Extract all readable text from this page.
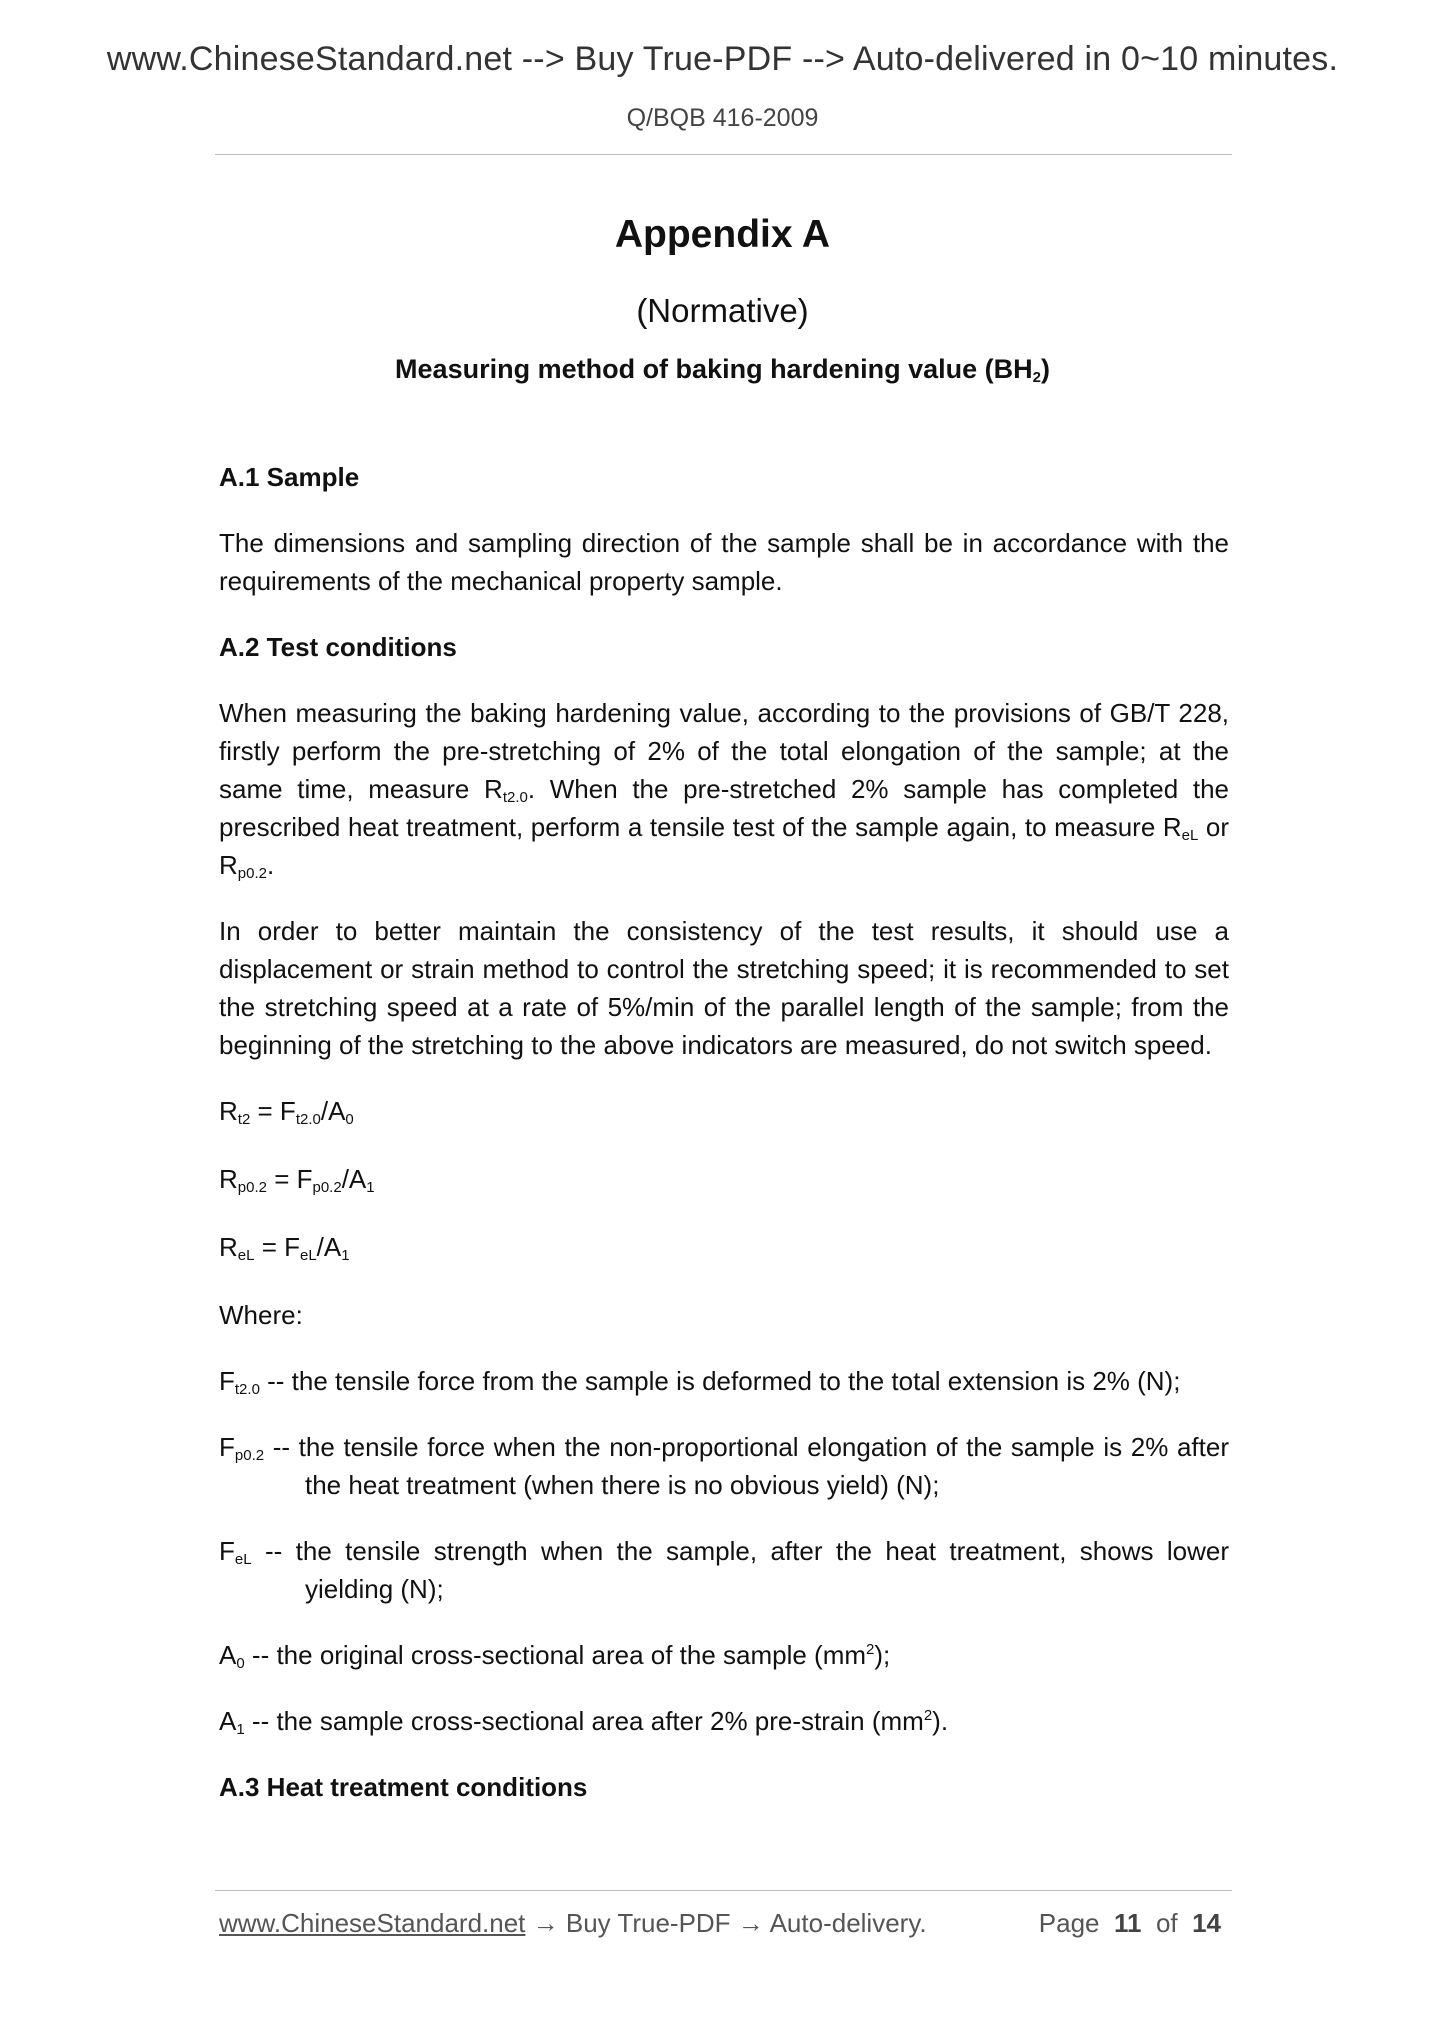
www.ChineseStandard.net --> Buy True-PDF --> Auto-delivered in 0~10 minutes.
Q/BQB 416-2009
Appendix A
(Normative)
Measuring method of baking hardening value $(BH_2)$
A.1 Sample

The dimensions and sampling direction of the sample shall be in accordance with the requirements of the mechanical property sample.

A.2 Test conditions

When measuring the baking hardening value, according to the provisions of GB/T 228, firstly perform the pre-stretching of 2% of the total elongation of the sample; at the same time, measure $R_{t2.0}$. When the pre-stretched 2% sample has completed the prescribed heat treatment, perform a tensile test of the sample again, to measure $R_{eL}$ or $R_{p0.2}$.

In order to better maintain the consistency of the test results, it should use a displacement or strain method to control the stretching speed; it is recommended to set the stretching speed at a rate of 5%/min of the parallel length of the sample; from the beginning of the stretching to the above indicators are measured, do not switch speed.

$R_{t2} = F_{t2.0}/A_0$
$R_{p0.2} = F_{p0.2}/A_1$
$R_{eL} = F_{eL}/A_1$

Where:

$F_{t2.0}$ -- the tensile force from the sample is deformed to the total extension is 2% (N);

$F_{p0.2}$ -- the tensile force when the non-proportional elongation of the sample is 2% after the heat treatment (when there is no obvious yield) (N);

$F_{eL}$ -- the tensile strength when the sample, after the heat treatment, shows lower yielding (N);

$A_0$ -- the original cross-sectional area of the sample $(mm^2)$;

$A_1$ -- the sample cross-sectional area after 2% pre-strain $(mm^2)$.

A.3 Heat treatment conditions
www.ChineseStandard.net → Buy True-PDF → Auto-delivery.	Page 11 of 14
